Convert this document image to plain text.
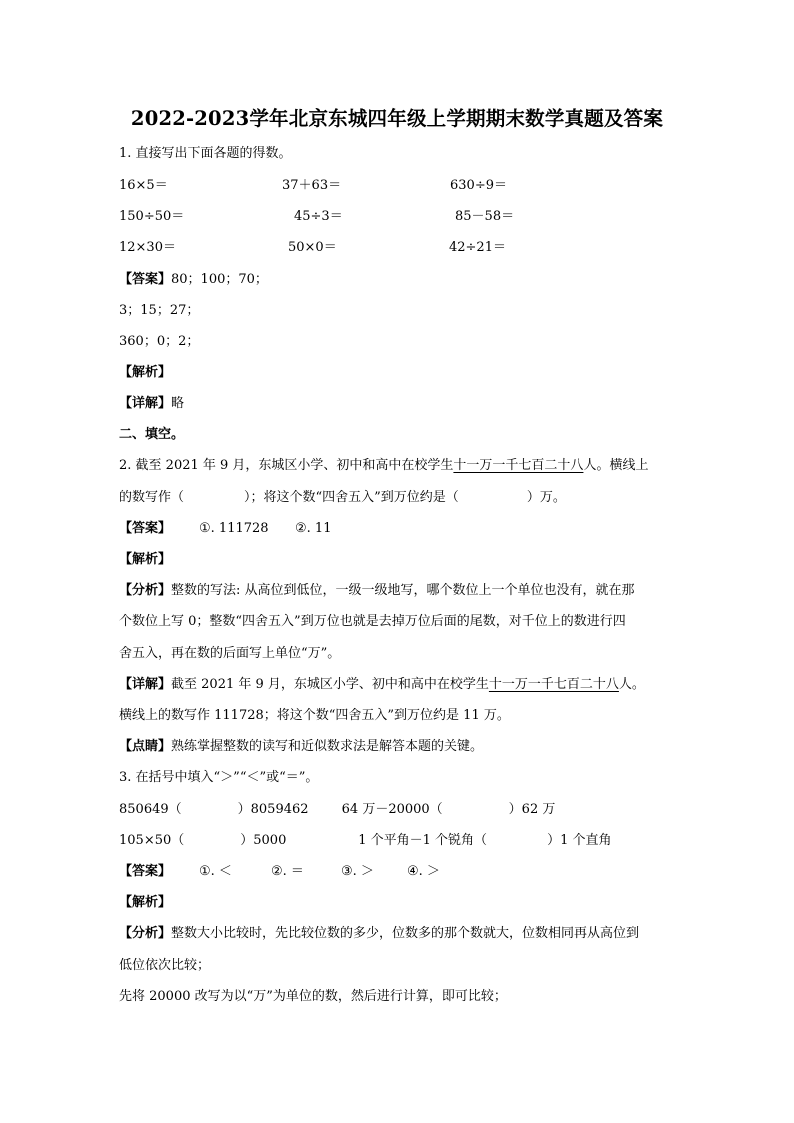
2022-2023学年北京东城四年级上学期期末数学真题及答案
1. 直接写出下面各题的得数。
16×5＝	37＋63＝	630÷9＝
150÷50＝	45÷3＝	85－58＝
12×30＝	50×0＝	42÷21＝
【答案】80；100；70；
3；15；27；
360；0；2；
【解析】
【详解】略
二、填空。
2. 截至 2021 年 9 月，东城区小学、初中和高中在校学生十一万一千七百二十八人。横线上
的数写作（	）；将这个数“四舍五入”到万位约是（	）万。
【答案】 ①. 111728 ②. 11
【解析】
【分析】整数的写法: 从高位到低位，一级一级地写，哪个数位上一个单位也没有，就在那
个数位上写 0；整数“四舍五入”到万位也就是去掉万位后面的尾数，对千位上的数进行四
舍五入，再在数的后面写上单位“万”。
【详解】截至 2021 年 9 月，东城区小学、初中和高中在校学生十一万一千七百二十八人。
横线上的数写作 111728；将这个数“四舍五入”到万位约是 11 万。
【点睛】熟练掌握整数的读写和近似数求法是解答本题的关键。
3. 在括号中填入“＞”“＜”或“＝”。
850649（	）8059462	64 万－20000（	）62 万
105×50（	）5000	1 个平角－1 个锐角（	）1 个直角
【答案】 ①. ＜	②. ＝	③. ＞	④. ＞
【解析】
【分析】整数大小比较时，先比较位数的多少，位数多的那个数就大，位数相同再从高位到
低位依次比较；
先将 20000 改写为以“万”为单位的数，然后进行计算，即可比较；
